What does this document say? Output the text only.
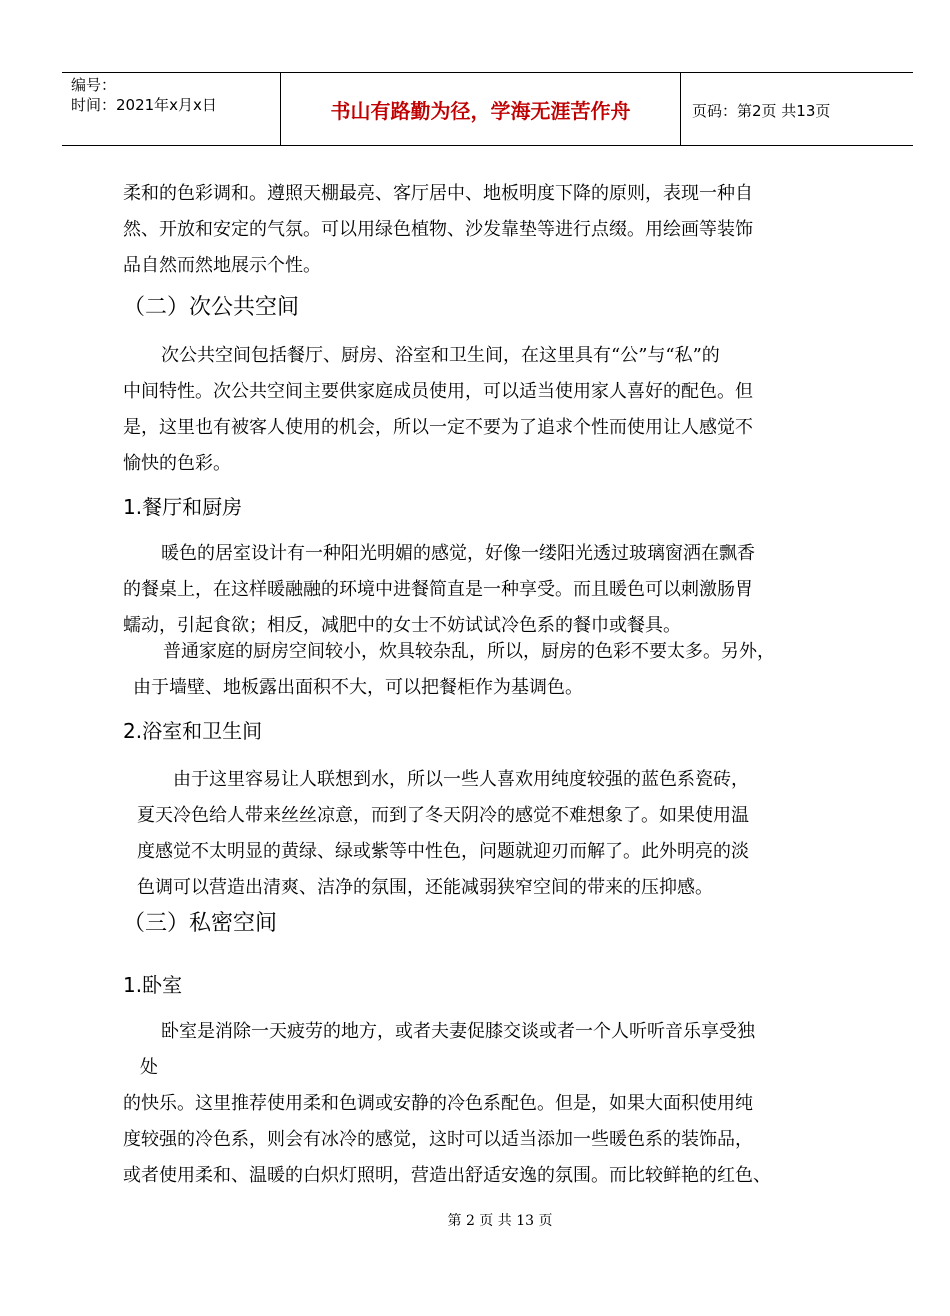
编号：
时间：2021年x月x日	书山有路勤为径，学海无涯苦作舟	页码：第2页 共13页
柔和的色彩调和。遵照天棚最亮、客厅居中、地板明度下降的原则，表现一种自
然、开放和安定的气氛。可以用绿色植物、沙发靠垫等进行点缀。用绘画等装饰
品自然而然地展示个性。
（二）次公共空间
次公共空间包括餐厅、厨房、浴室和卫生间，在这里具有“公”与“私”的
中间特性。次公共空间主要供家庭成员使用，可以适当使用家人喜好的配色。但
是，这里也有被客人使用的机会，所以一定不要为了追求个性而使用让人感觉不
愉快的色彩。
1.餐厅和厨房
暖色的居室设计有一种阳光明媚的感觉，好像一缕阳光透过玻璃窗洒在飘香
的餐桌上，在这样暖融融的环境中进餐简直是一种享受。而且暖色可以刺激肠胃
蠕动，引起食欲；相反，减肥中的女士不妨试试冷色系的餐巾或餐具。
普通家庭的厨房空间较小，炊具较杂乱，所以，厨房的色彩不要太多。另外，
由于墙壁、地板露出面积不大，可以把餐柜作为基调色。
2.浴室和卫生间
由于这里容易让人联想到水，所以一些人喜欢用纯度较强的蓝色系瓷砖，
夏天冷色给人带来丝丝凉意，而到了冬天阴冷的感觉不难想象了。如果使用温
度感觉不太明显的黄绿、绿或紫等中性色，问题就迎刃而解了。此外明亮的淡
色调可以营造出清爽、洁净的氛围，还能减弱狭窄空间的带来的压抑感。
（三）私密空间
1.卧室
卧室是消除一天疲劳的地方，或者夫妻促膝交谈或者一个人听听音乐享受独
处
的快乐。这里推荐使用柔和色调或安静的冷色系配色。但是，如果大面积使用纯
度较强的冷色系，则会有冰冷的感觉，这时可以适当添加一些暖色系的装饰品，
或者使用柔和、温暖的白炽灯照明，营造出舒适安逸的氛围。而比较鲜艳的红色、
第 2 页 共 13 页
